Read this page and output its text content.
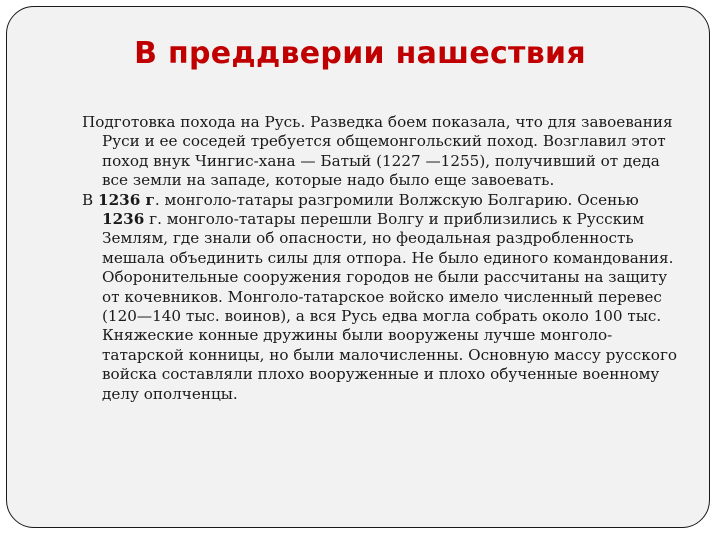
В преддверии нашествия

Подготовка похода на Русь. Разведка боем показала, что для завоевания Руси и ее соседей требуется общемонгольский поход. Возглавил этот поход внук Чингис-хана — Батый (1227 —1255), получивший от деда все земли на западе, которые надо было еще завоевать.

В 1236 г. монголо-татары разгромили Волжскую Болгарию. Осенью 1236 г. монголо-татары перешли Волгу и приблизились к Русским Землям, где знали об опасности, но феодальная раздробленность мешала объединить силы для отпора. Не было единого командования. Оборонительные сооружения городов не были рассчитаны на защиту от кочевников. Монголо-татарское войско имело численный перевес (120—140 тыс. воинов), а вся Русь едва могла собрать около 100 тыс. Княжеские конные дружины были вооружены лучше монголо-татарской конницы, но были малочисленны. Основную массу русского войска составляли плохо вооруженные и плохо обученные военному делу ополченцы.
